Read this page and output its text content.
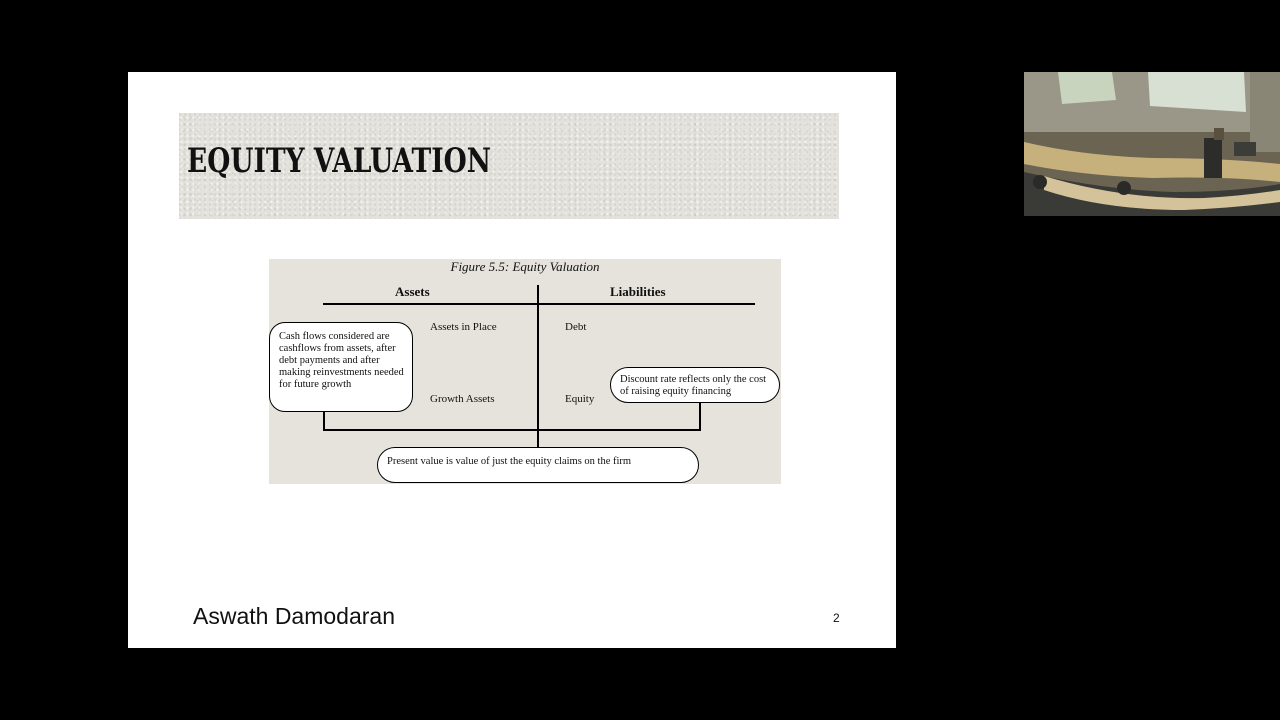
EQUITY VALUATION
Figure 5.5: Equity Valuation
Assets	Liabilities
Assets in Place
Growth Assets
Debt
Equity
Cash flows considered are cashflows from assets, after debt payments and after making reinvestments needed for future growth	Discount rate reflects only the cost of raising equity financing
Present value is value of just the equity claims on the firm
Aswath Damodaran	2
